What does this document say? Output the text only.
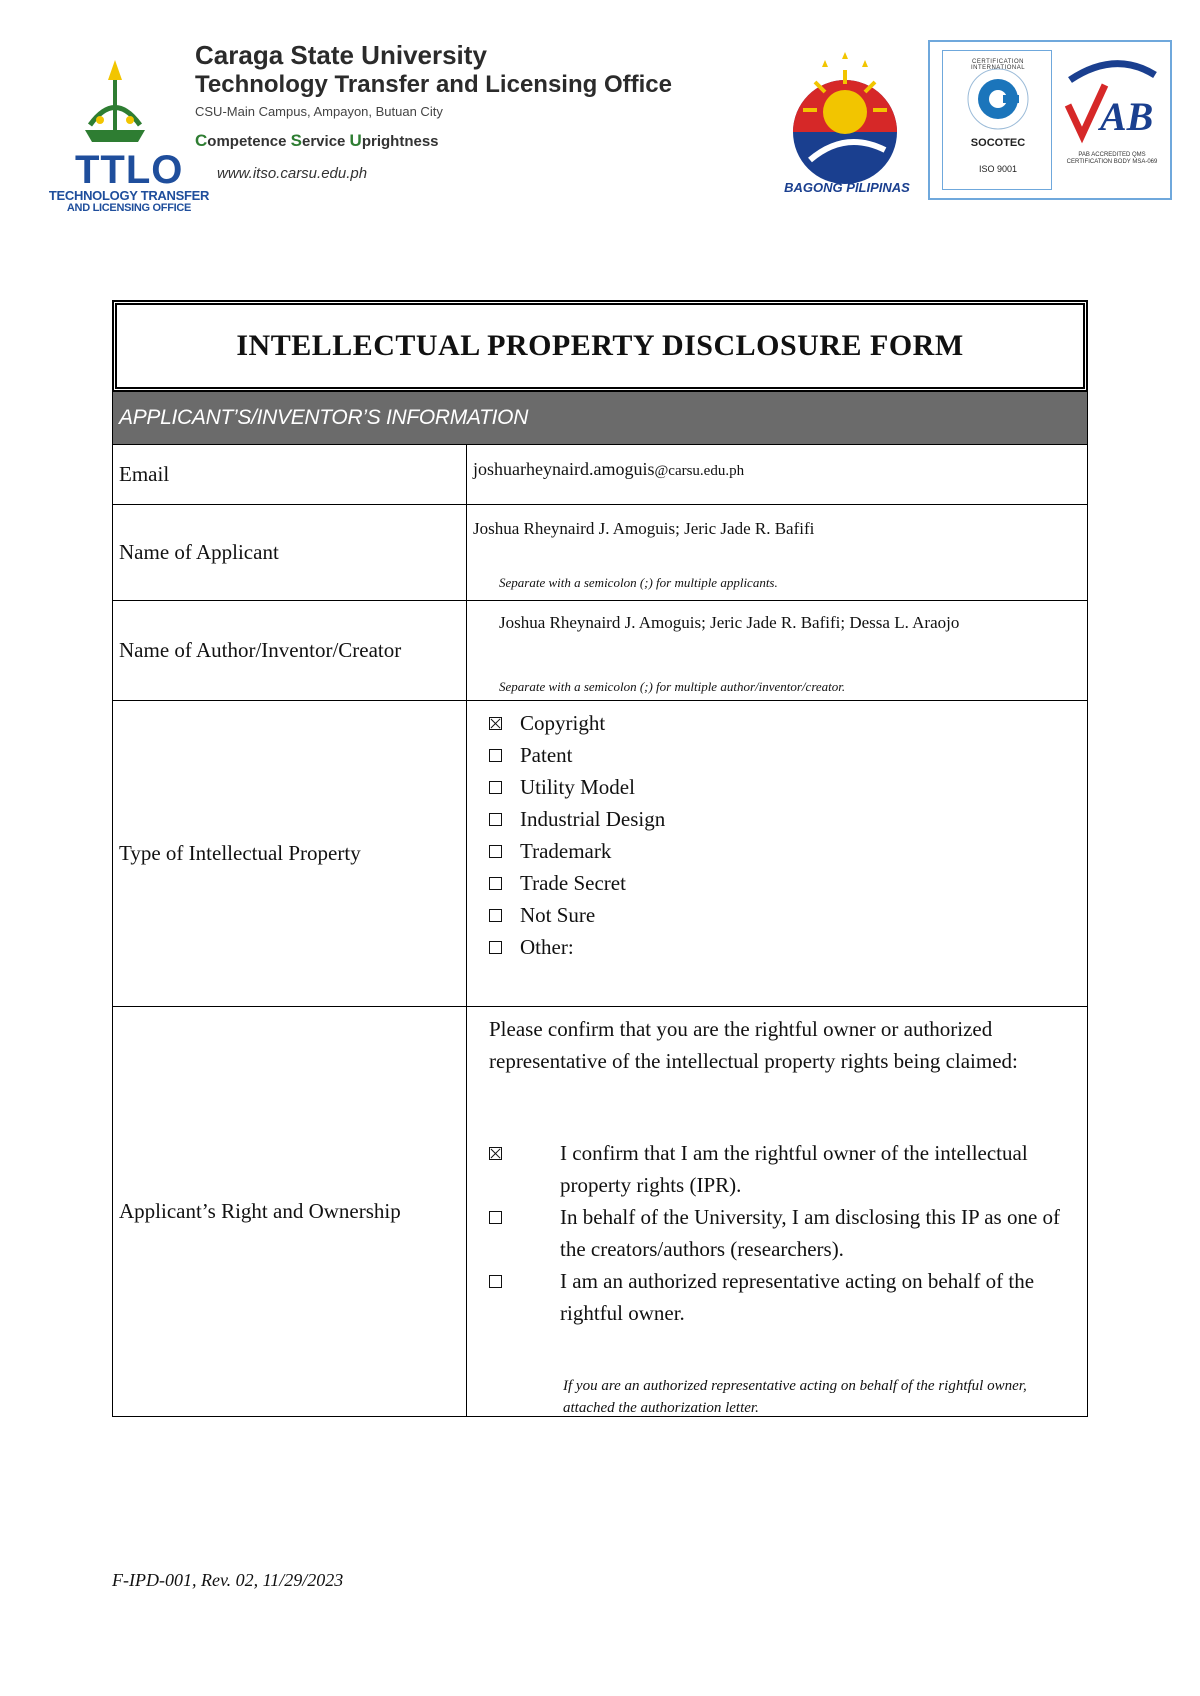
TTLO
TECHNOLOGY TRANSFER
AND LICENSING OFFICE
Caraga State University
Technology Transfer and Licensing Office
CSU-Main Campus, Ampayon, Butuan City
Competence Service Uprightness
www.itso.carsu.edu.ph
BAGONG PILIPINAS
CERTIFICATION INTERNATIONAL
SOCOTEC
ISO 9001
AB
PAB ACCREDITED QMS CERTIFICATION BODY MSA-069
INTELLECTUAL PROPERTY DISCLOSURE FORM
APPLICANT’S/INVENTOR’S INFORMATION
Email	joshuarheynaird.amoguis@carsu.edu.ph
Name of Applicant
Joshua Rheynaird J. Amoguis; Jeric Jade R. Bafifi
Separate with a semicolon (;) for multiple applicants.
Name of Author/Inventor/Creator
Joshua Rheynaird J. Amoguis; Jeric Jade R. Bafifi; Dessa L. Araojo
Separate with a semicolon (;) for multiple author/inventor/creator.
Type of Intellectual Property
Copyright
Patent
Utility Model
Industrial Design
Trademark
Trade Secret
Not Sure
Other:
Applicant’s Right and Ownership
Please confirm that you are the rightful owner or authorized representative of the intellectual property rights being claimed:
I confirm that I am the rightful owner of the intellectual property rights (IPR).
In behalf of the University, I am disclosing this IP as one of the creators/authors (researchers).
I am an authorized representative acting on behalf of the rightful owner.
If you are an authorized representative acting on behalf of the rightful owner, attached the authorization letter.
F-IPD-001, Rev. 02, 11/29/2023
